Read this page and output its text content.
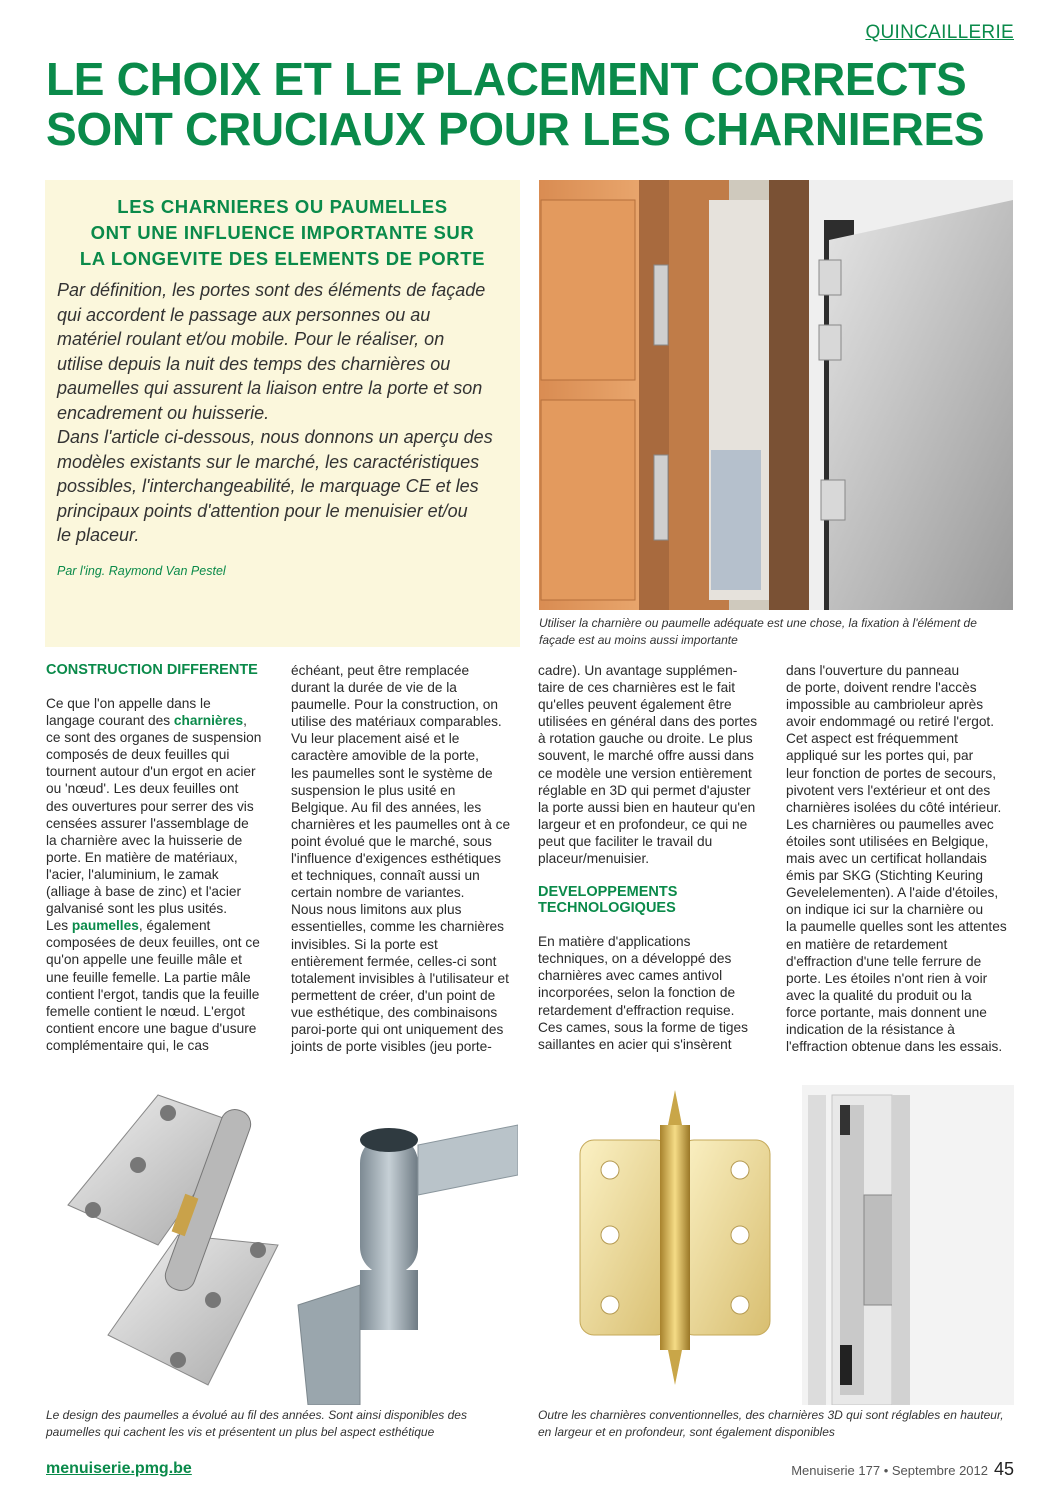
QUINCAILLERIE
LE CHOIX ET LE PLACEMENT CORRECTS
SONT CRUCIAUX POUR LES CHARNIERES
LES CHARNIERES OU PAUMELLES
ONT UNE INFLUENCE IMPORTANTE SUR
LA LONGEVITE DES ELEMENTS DE PORTE

Par définition, les portes sont des éléments de façade
qui accordent le passage aux personnes ou au
matériel roulant et/ou mobile. Pour le réaliser, on
utilise depuis la nuit des temps des charnières ou
paumelles qui assurent la liaison entre la porte et son
encadrement ou huisserie.
Dans l'article ci-dessous, nous donnons un aperçu des
modèles existants sur le marché, les caractéristiques
possibles, l'interchangeabilité, le marquage CE et les
principaux points d'attention pour le menuisier et/ou
le placeur.

Par l'ing. Raymond Van Pestel

Utiliser la charnière ou paumelle adéquate est une chose, la fixation à l'élément de
façade est au moins aussi importante
CONSTRUCTION DIFFERENTE
Ce que l'on appelle dans le
langage courant des charnières,
ce sont des organes de suspension
composés de deux feuilles qui
tournent autour d'un ergot en acier
ou 'nœud'. Les deux feuilles ont
des ouvertures pour serrer des vis
censées assurer l'assemblage de
la charnière avec la huisserie de
porte. En matière de matériaux,
l'acier, l'aluminium, le zamak
(alliage à base de zinc) et l'acier
galvanisé sont les plus usités.
Les paumelles, également
composées de deux feuilles, ont ce
qu'on appelle une feuille mâle et
une feuille femelle. La partie mâle
contient l'ergot, tandis que la feuille
femelle contient le nœud. L'ergot
contient encore une bague d'usure
complémentaire qui, le cas
échéant, peut être remplacée
durant la durée de vie de la
paumelle. Pour la construction, on
utilise des matériaux comparables.
Vu leur placement aisé et le
caractère amovible de la porte,
les paumelles sont le système de
suspension le plus usité en
Belgique. Au fil des années, les
charnières et les paumelles ont à ce
point évolué que le marché, sous
l'influence d'exigences esthétiques
et techniques, connaît aussi un
certain nombre de variantes.
Nous nous limitons aux plus
essentielles, comme les charnières
invisibles. Si la porte est
entièrement fermée, celles-ci sont
totalement invisibles à l'utilisateur et
permettent de créer, d'un point de
vue esthétique, des combinaisons
paroi-porte qui ont uniquement des
joints de porte visibles (jeu porte-
cadre). Un avantage supplémen-
taire de ces charnières est le fait
qu'elles peuvent également être
utilisées en général dans des portes
à rotation gauche ou droite. Le plus
souvent, le marché offre aussi dans
ce modèle une version entièrement
réglable en 3D qui permet d'ajuster
la porte aussi bien en hauteur qu'en
largeur et en profondeur, ce qui ne
peut que faciliter le travail du
placeur/menuisier.
DEVELOPPEMENTS
TECHNOLOGIQUES
En matière d'applications
techniques, on a développé des
charnières avec cames antivol
incorporées, selon la fonction de
retardement d'effraction requise.
Ces cames, sous la forme de tiges
saillantes en acier qui s'insèrent
dans l'ouverture du panneau
de porte, doivent rendre l'accès
impossible au cambrioleur après
avoir endommagé ou retiré l'ergot.
Cet aspect est fréquemment
appliqué sur les portes qui, par
leur fonction de portes de secours,
pivotent vers l'extérieur et ont des
charnières isolées du côté intérieur.
Les charnières ou paumelles avec
étoiles sont utilisées en Belgique,
mais avec un certificat hollandais
émis par SKG (Stichting Keuring
Gevelelementen). A l'aide d'étoiles,
on indique ici sur la charnière ou
la paumelle quelles sont les attentes
en matière de retardement
d'effraction d'une telle ferrure de
porte. Les étoiles n'ont rien à voir
avec la qualité du produit ou la
force portante, mais donnent une
indication de la résistance à
l'effraction obtenue dans les essais.
Le design des paumelles a évolué au fil des années. Sont ainsi disponibles des
paumelles qui cachent les vis et présentent un plus bel aspect esthétique
Outre les charnières conventionnelles, des charnières 3D qui sont réglables en hauteur,
en largeur et en profondeur, sont également disponibles
menuiserie.pmg.be	Menuiserie 177 • Septembre 2012 45
